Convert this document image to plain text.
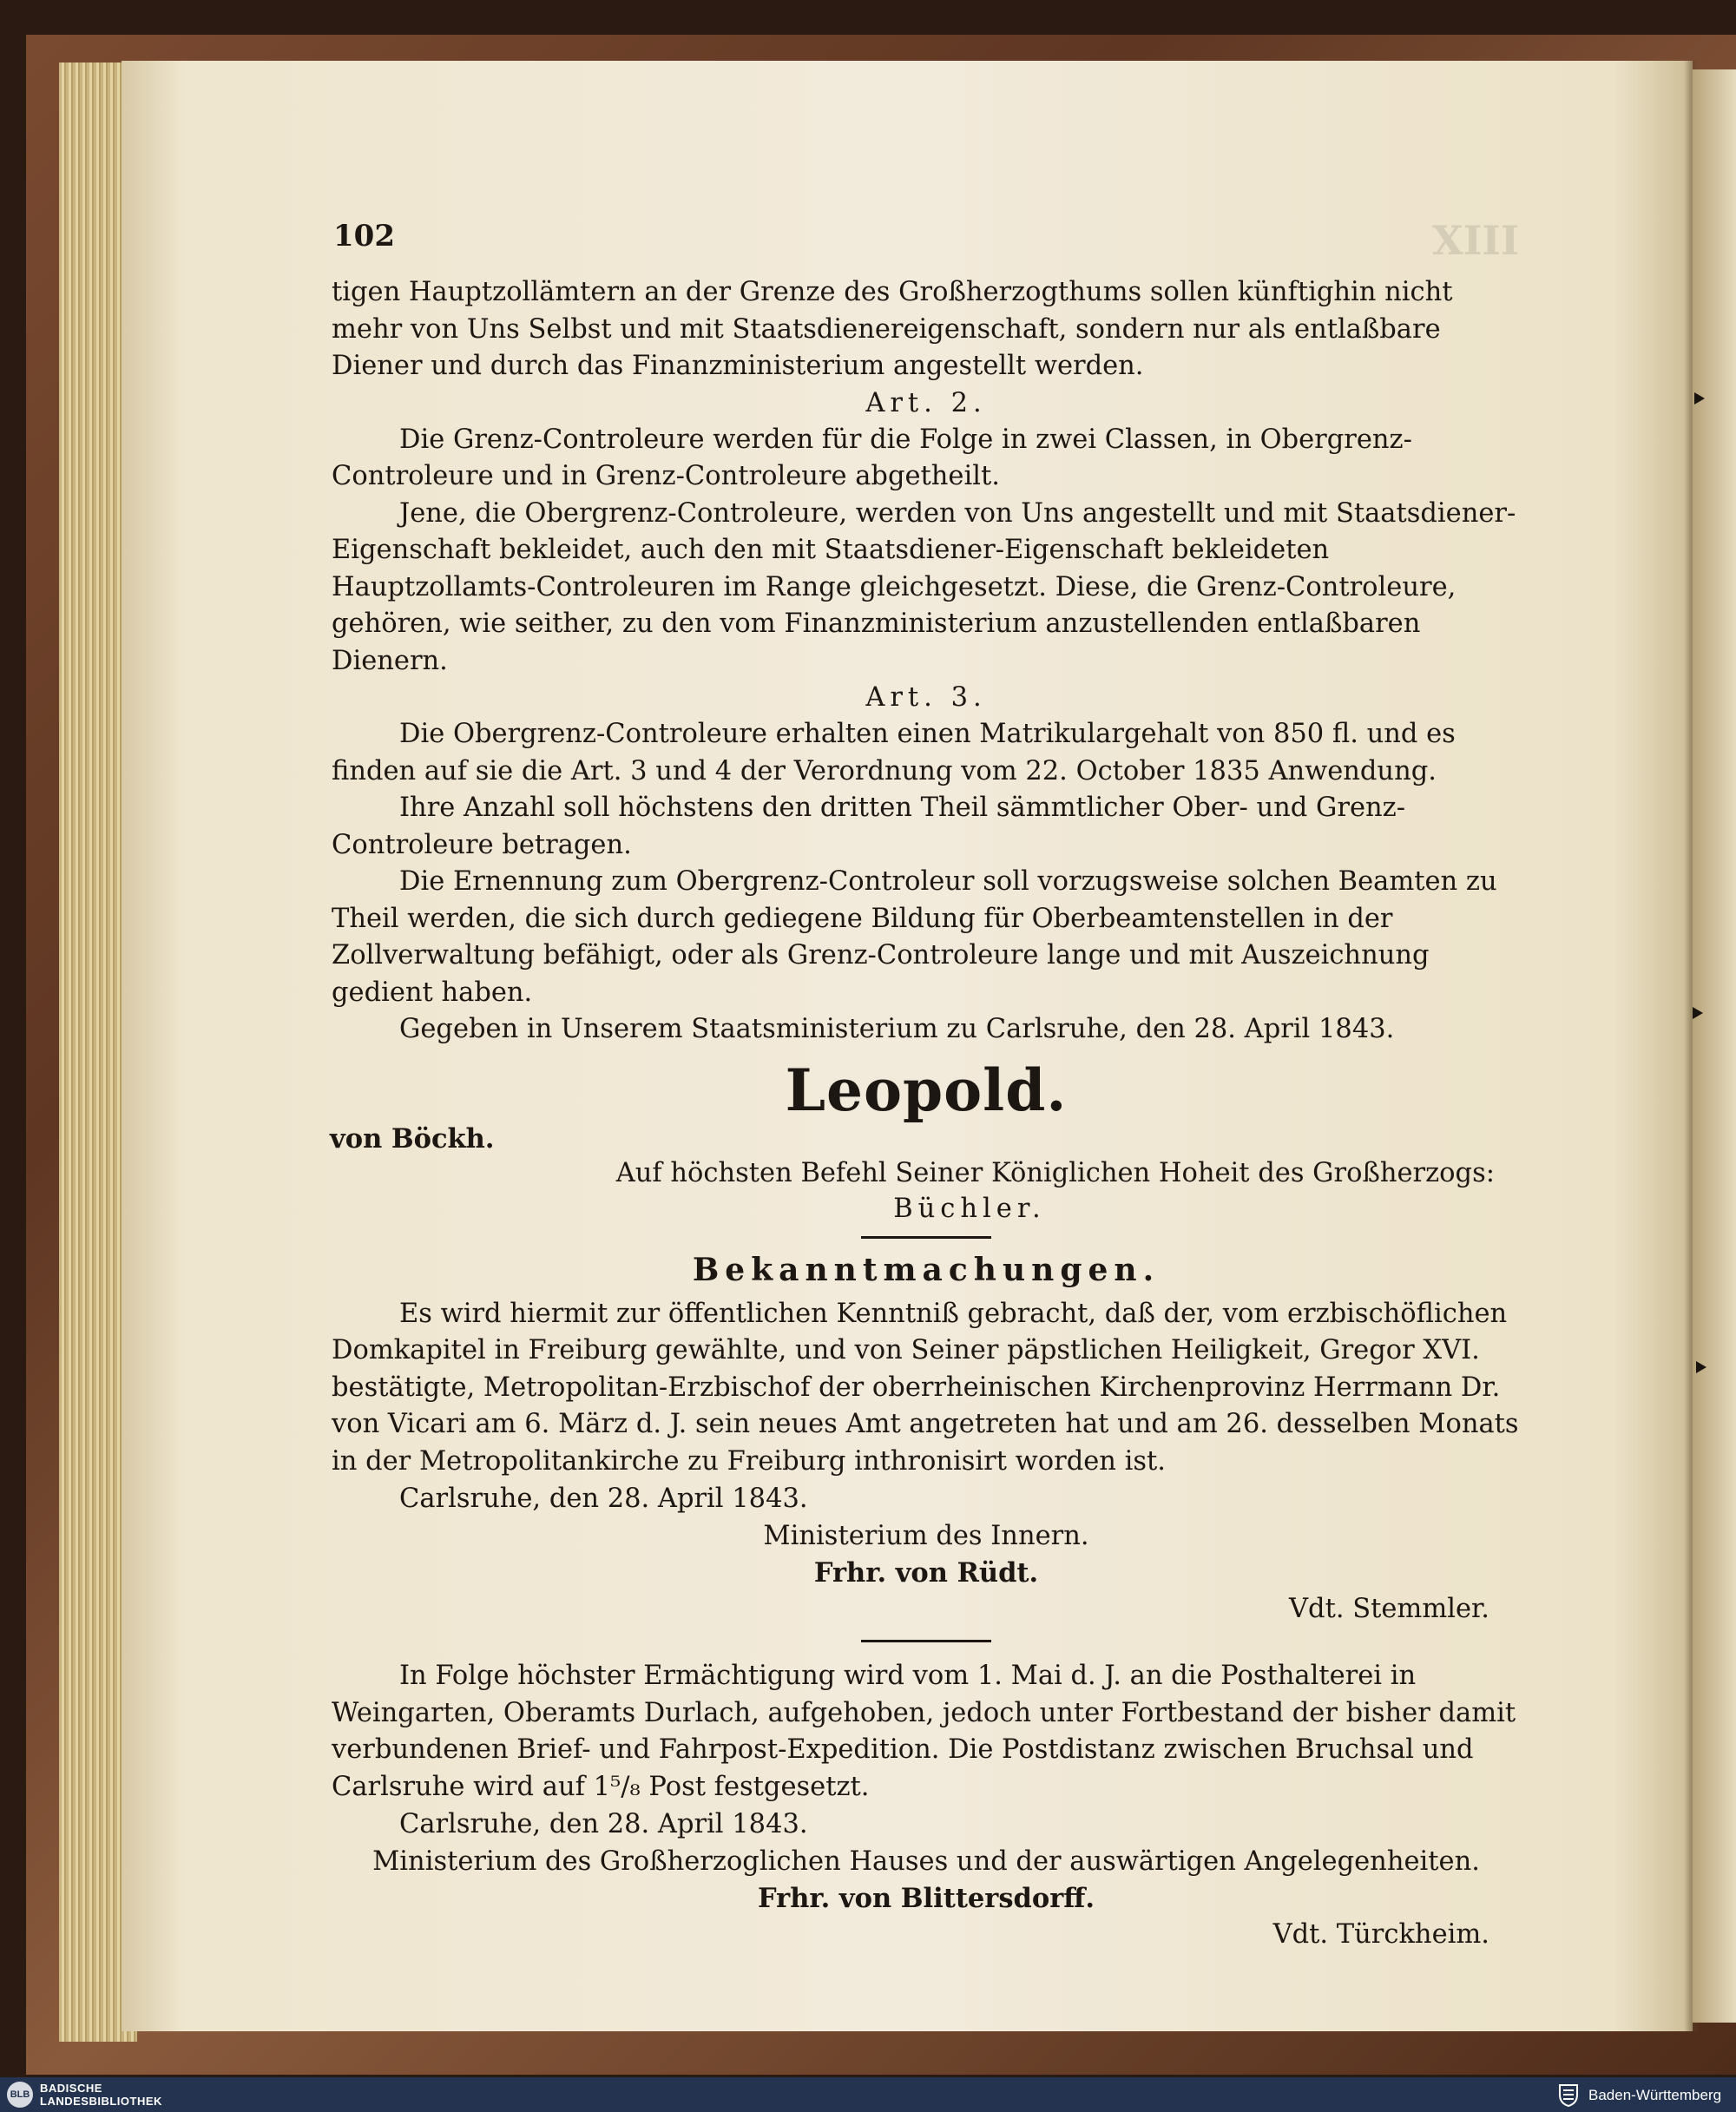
XIII
102

tigen Hauptzollämtern an der Grenze des Großherzogthums sollen künftighin nicht mehr von Uns Selbst und mit Staatsdienereigenschaft, sondern nur als entlaßbare Diener und durch das Finanzministerium angestellt werden.

Art. 2.

Die Grenz-Controleure werden für die Folge in zwei Classen, in Obergrenz-Controleure und in Grenz-Controleure abgetheilt.

Jene, die Obergrenz-Controleure, werden von Uns angestellt und mit Staatsdiener-Eigenschaft bekleidet, auch den mit Staatsdiener-Eigenschaft bekleideten Hauptzollamts-Controleuren im Range gleichgesetzt. Diese, die Grenz-Controleure, gehören, wie seither, zu den vom Finanzministerium anzustellenden entlaßbaren Dienern.

Art. 3.

Die Obergrenz-Controleure erhalten einen Matrikulargehalt von 850 fl. und es finden auf sie die Art. 3 und 4 der Verordnung vom 22. October 1835 Anwendung.

Ihre Anzahl soll höchstens den dritten Theil sämmtlicher Ober- und Grenz-Controleure betragen.

Die Ernennung zum Obergrenz-Controleur soll vorzugsweise solchen Beamten zu Theil werden, die sich durch gediegene Bildung für Oberbeamtenstellen in der Zollverwaltung befähigt, oder als Grenz-Controleure lange und mit Auszeichnung gedient haben.

Gegeben in Unserem Staatsministerium zu Carlsruhe, den 28. April 1843.

Leopold.

von Böckh.

Auf höchsten Befehl Seiner Königlichen Hoheit des Großherzogs:

Büchler.

Bekanntmachungen.

Es wird hiermit zur öffentlichen Kenntniß gebracht, daß der, vom erzbischöflichen Domkapitel in Freiburg gewählte, und von Seiner päpstlichen Heiligkeit, Gregor XVI. bestätigte, Metropolitan-Erzbischof der oberrheinischen Kirchenprovinz Herrmann Dr. von Vicari am 6. März d. J. sein neues Amt angetreten hat und am 26. desselben Monats in der Metropolitankirche zu Freiburg inthronisirt worden ist.

Carlsruhe, den 28. April 1843.

Ministerium des Innern.

Frhr. von Rüdt.

Vdt. Stemmler.

In Folge höchster Ermächtigung wird vom 1. Mai d. J. an die Posthalterei in Weingarten, Oberamts Durlach, aufgehoben, jedoch unter Fortbestand der bisher damit verbundenen Brief- und Fahrpost-Expedition. Die Postdistanz zwischen Bruchsal und Carlsruhe wird auf 1⁵/₈ Post festgesetzt.

Carlsruhe, den 28. April 1843.

Ministerium des Großherzoglichen Hauses und der auswärtigen Angelegenheiten.

Frhr. von Blittersdorff.

Vdt. Türckheim.

BLB BADISCHE
LANDESBIBLIOTHEK	Baden-Württemberg
